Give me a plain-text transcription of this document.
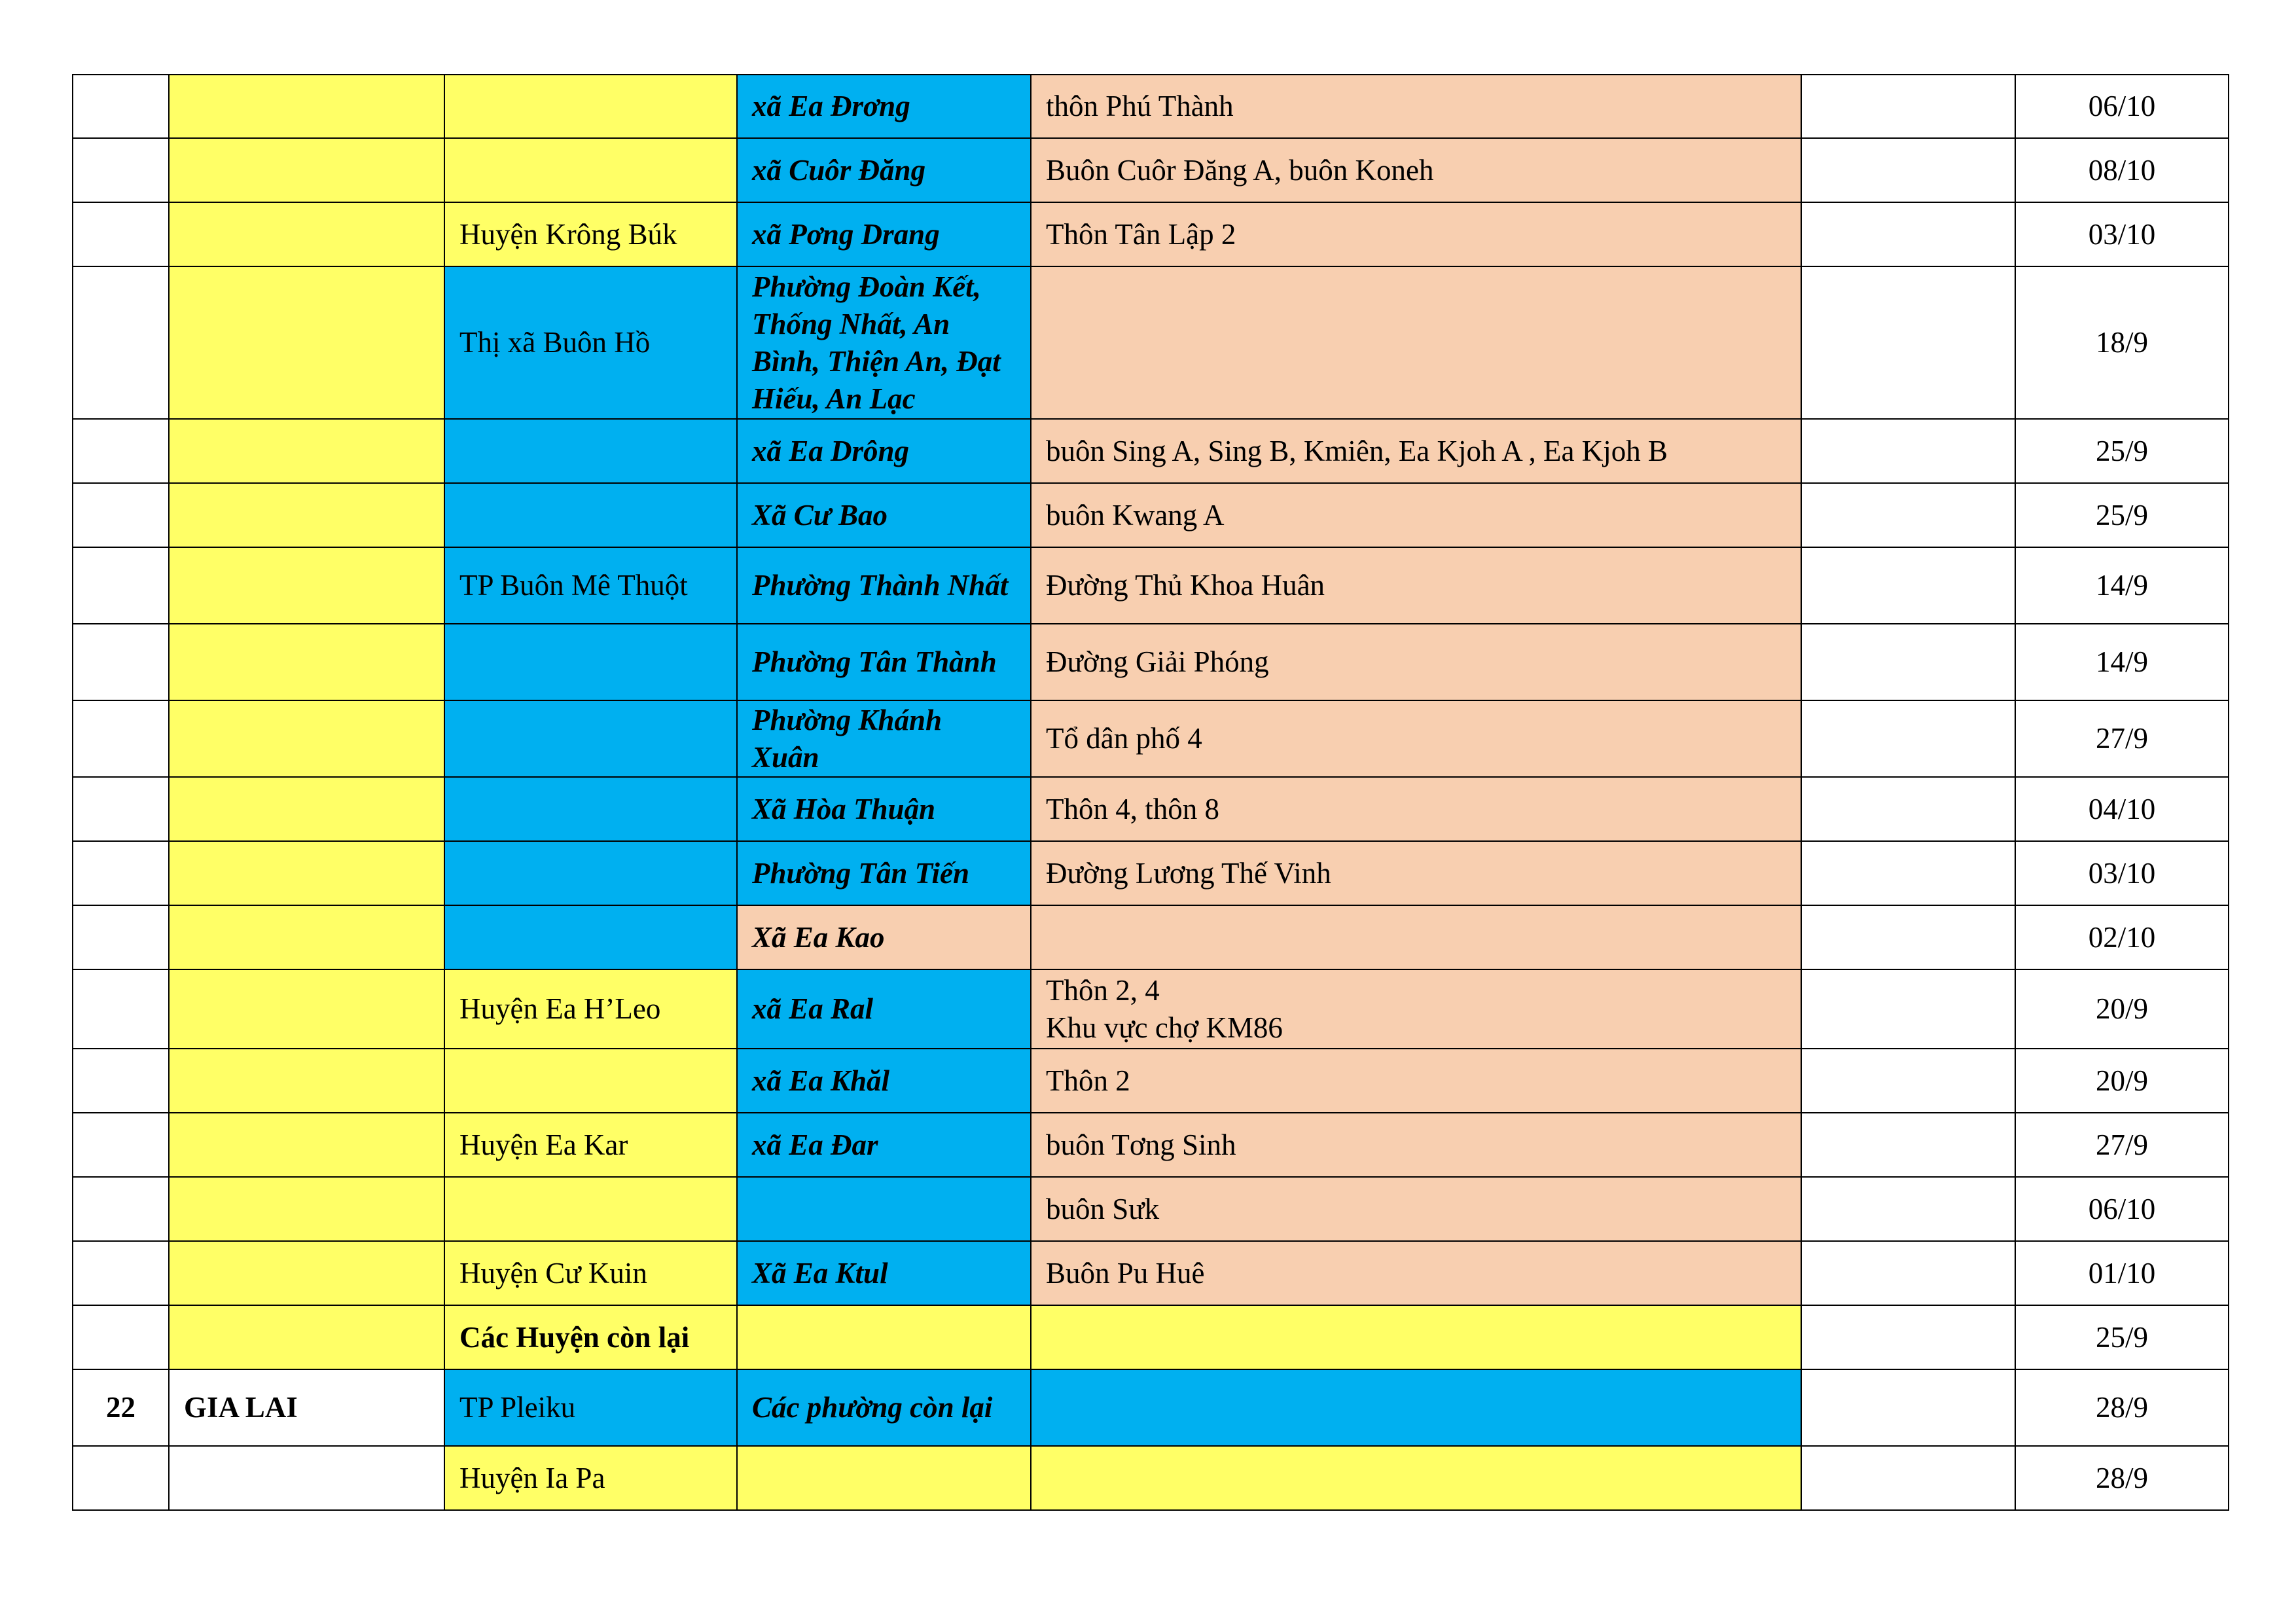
			xã Ea Đrơng	thôn Phú Thành		06/10
			xã Cuôr Đăng	Buôn Cuôr Đăng A, buôn Koneh		08/10
		Huyện Krông Búk	xã Pơng Drang	Thôn Tân Lập 2		03/10
		Thị xã Buôn Hồ	Phường Đoàn Kết, Thống Nhất, An Bình, Thiện An, Đạt Hiếu, An Lạc			18/9
			xã Ea Drông	buôn Sing A, Sing B, Kmiên, Ea Kjoh A , Ea Kjoh B		25/9
			Xã Cư Bao	buôn Kwang A		25/9
		TP Buôn Mê Thuột	Phường Thành Nhất	Đường Thủ Khoa Huân		14/9
			Phường Tân Thành	Đường Giải Phóng		14/9
			Phường Khánh Xuân	Tổ dân phố 4		27/9
			Xã Hòa Thuận	Thôn 4, thôn 8		04/10
			Phường Tân Tiến	Đường Lương Thế Vinh		03/10
			Xã Ea Kao			02/10
		Huyện Ea H’Leo	xã Ea Ral	Thôn 2, 4
Khu vực chợ KM86		20/9
			xã Ea Khăl	Thôn 2		20/9
		Huyện Ea Kar	xã Ea Đar	buôn Tơng Sinh		27/9
				buôn Sưk		06/10
		Huyện Cư Kuin	Xã Ea Ktul	Buôn Pu Huê		01/10
		Các Huyện còn lại				25/9
22	GIA LAI	TP Pleiku	Các phường còn lại			28/9
		Huyện Ia Pa				28/9
